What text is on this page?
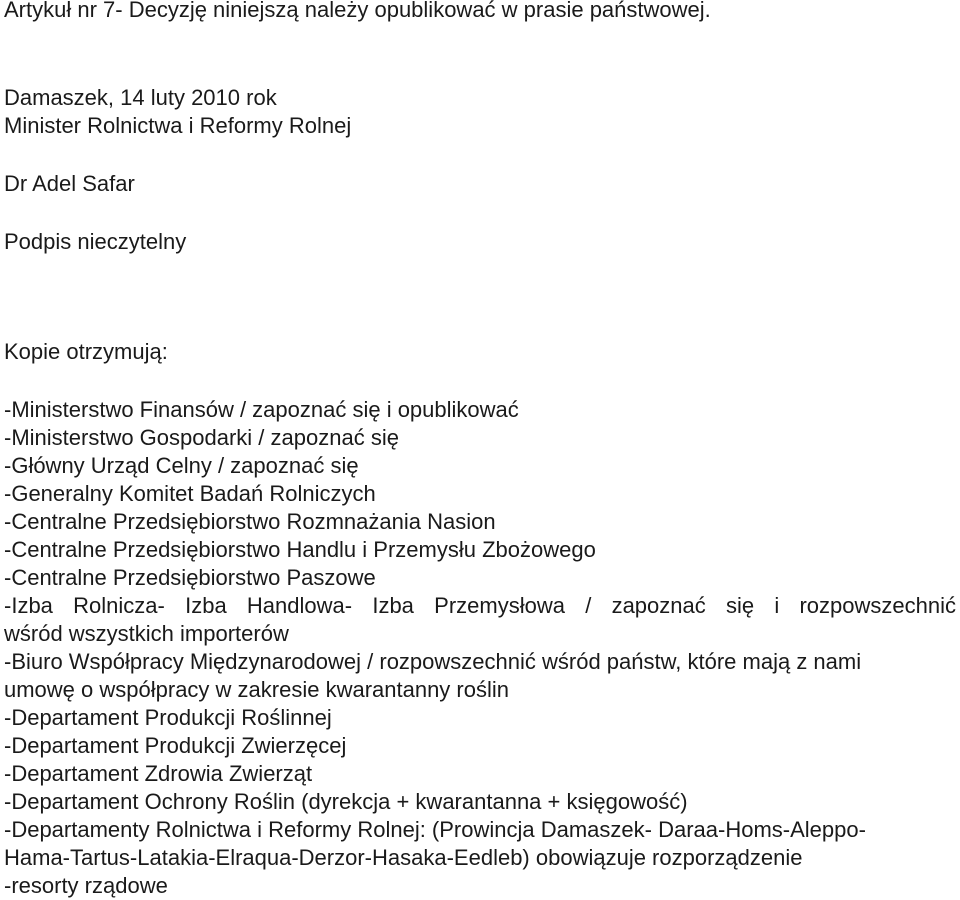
Artykuł nr 7- Decyzję niniejszą należy opublikować w prasie państwowej.
Damaszek, 14 luty 2010 rok
Minister Rolnictwa i Reformy Rolnej
Dr Adel Safar
Podpis nieczytelny
Kopie otrzymują:
-Ministerstwo Finansów / zapoznać się i opublikować
-Ministerstwo Gospodarki / zapoznać się
-Główny Urząd Celny / zapoznać się
-Generalny Komitet Badań Rolniczych
-Centralne Przedsiębiorstwo Rozmnażania Nasion
-Centralne Przedsiębiorstwo Handlu i Przemysłu Zbożowego
-Centralne Przedsiębiorstwo Paszowe
-Izba Rolnicza- Izba Handlowa- Izba Przemysłowa / zapoznać się i rozpowszechnić
wśród wszystkich importerów
-Biuro Współpracy Międzynarodowej / rozpowszechnić wśród państw, które mają z nami
umowę o współpracy w zakresie kwarantanny roślin
-Departament Produkcji Roślinnej
-Departament Produkcji Zwierzęcej
-Departament Zdrowia Zwierząt
-Departament Ochrony Roślin (dyrekcja + kwarantanna + księgowość)
-Departamenty Rolnictwa i Reformy Rolnej: (Prowincja Damaszek- Daraa-Homs-Aleppo-
Hama-Tartus-Latakia-Elraqua-Derzor-Hasaka-Eedleb) obowiązuje rozporządzenie
-resorty rządowe
